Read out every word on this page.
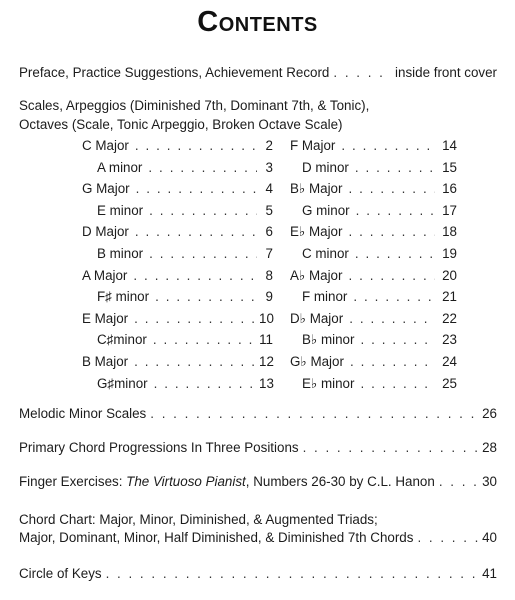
Contents
Preface, Practice Suggestions, Achievement Record . . .	inside front cover
Scales, Arpeggios (Diminished 7th, Dominant 7th, & Tonic),
Octaves (Scale, Tonic Arpeggio, Broken Octave Scale)
C Major . . .	2
A minor . . .	3
G Major . . .	4
E minor . . .	5
D Major . . .	6
B minor . . .	7
A Major . . .	8
F♯ minor . . .	9
E Major . . .	10
C♯minor . . .	11
B Major . . .	12
G♯minor . . .	13
F Major . . .	14
D minor . . .	15
B♭ Major . . .	16
G minor . . .	17
E♭ Major . . .	18
C minor . . .	19
A♭ Major . . .	20
F minor . . .	21
D♭ Major . . .	22
B♭ minor . . .	23
G♭ Major . . .	24
E♭ minor . . .	25
Melodic Minor Scales . . .	26
Primary Chord Progressions In Three Positions . . .	28
Finger Exercises: The Virtuoso Pianist, Numbers 26-30 by C.L. Hanon . . .	30
Chord Chart: Major, Minor, Diminished, & Augmented Triads;
Major, Dominant, Minor, Half Diminished, & Diminished 7th Chords . . .	40
Circle of Keys . . .	41
